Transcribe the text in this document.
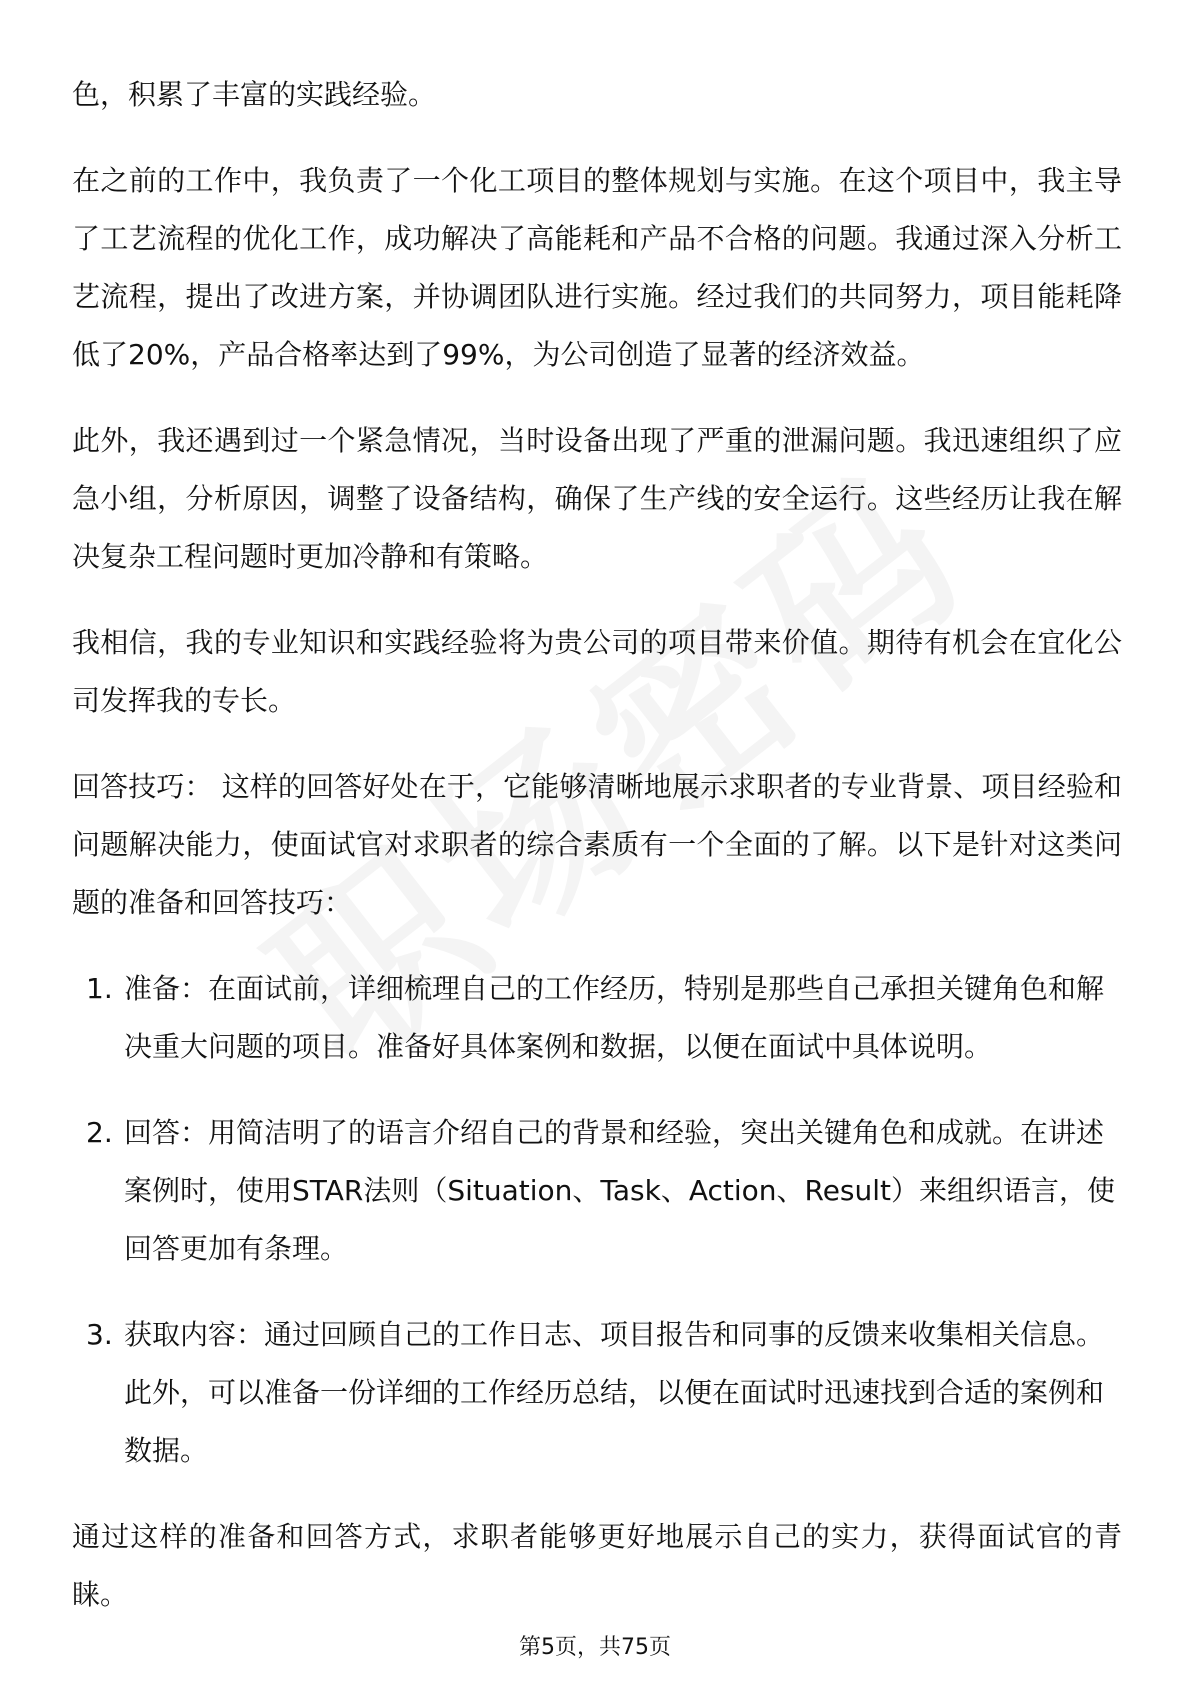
色，积累了丰富的实践经验。

在之前的工作中，我负责了一个化工项目的整体规划与实施。在这个项目中，我主导了工艺流程的优化工作，成功解决了高能耗和产品不合格的问题。我通过深入分析工艺流程，提出了改进方案，并协调团队进行实施。经过我们的共同努力，项目能耗降低了20%，产品合格率达到了99%，为公司创造了显著的经济效益。

此外，我还遇到过一个紧急情况，当时设备出现了严重的泄漏问题。我迅速组织了应急小组，分析原因，调整了设备结构，确保了生产线的安全运行。这些经历让我在解决复杂工程问题时更加冷静和有策略。

我相信，我的专业知识和实践经验将为贵公司的项目带来价值。期待有机会在宜化公司发挥我的专长。

回答技巧： 这样的回答好处在于，它能够清晰地展示求职者的专业背景、项目经验和问题解决能力，使面试官对求职者的综合素质有一个全面的了解。以下是针对这类问题的准备和回答技巧：

1. 准备：在面试前，详细梳理自己的工作经历，特别是那些自己承担关键角色和解决重大问题的项目。准备好具体案例和数据，以便在面试中具体说明。
2. 回答：用简洁明了的语言介绍自己的背景和经验，突出关键角色和成就。在讲述案例时，使用STAR法则（Situation、Task、Action、Result）来组织语言，使回答更加有条理。
3. 获取内容：通过回顾自己的工作日志、项目报告和同事的反馈来收集相关信息。此外，可以准备一份详细的工作经历总结，以便在面试时迅速找到合适的案例和数据。

通过这样的准备和回答方式，求职者能够更好地展示自己的实力，获得面试官的青睐。

第5页，共75页
